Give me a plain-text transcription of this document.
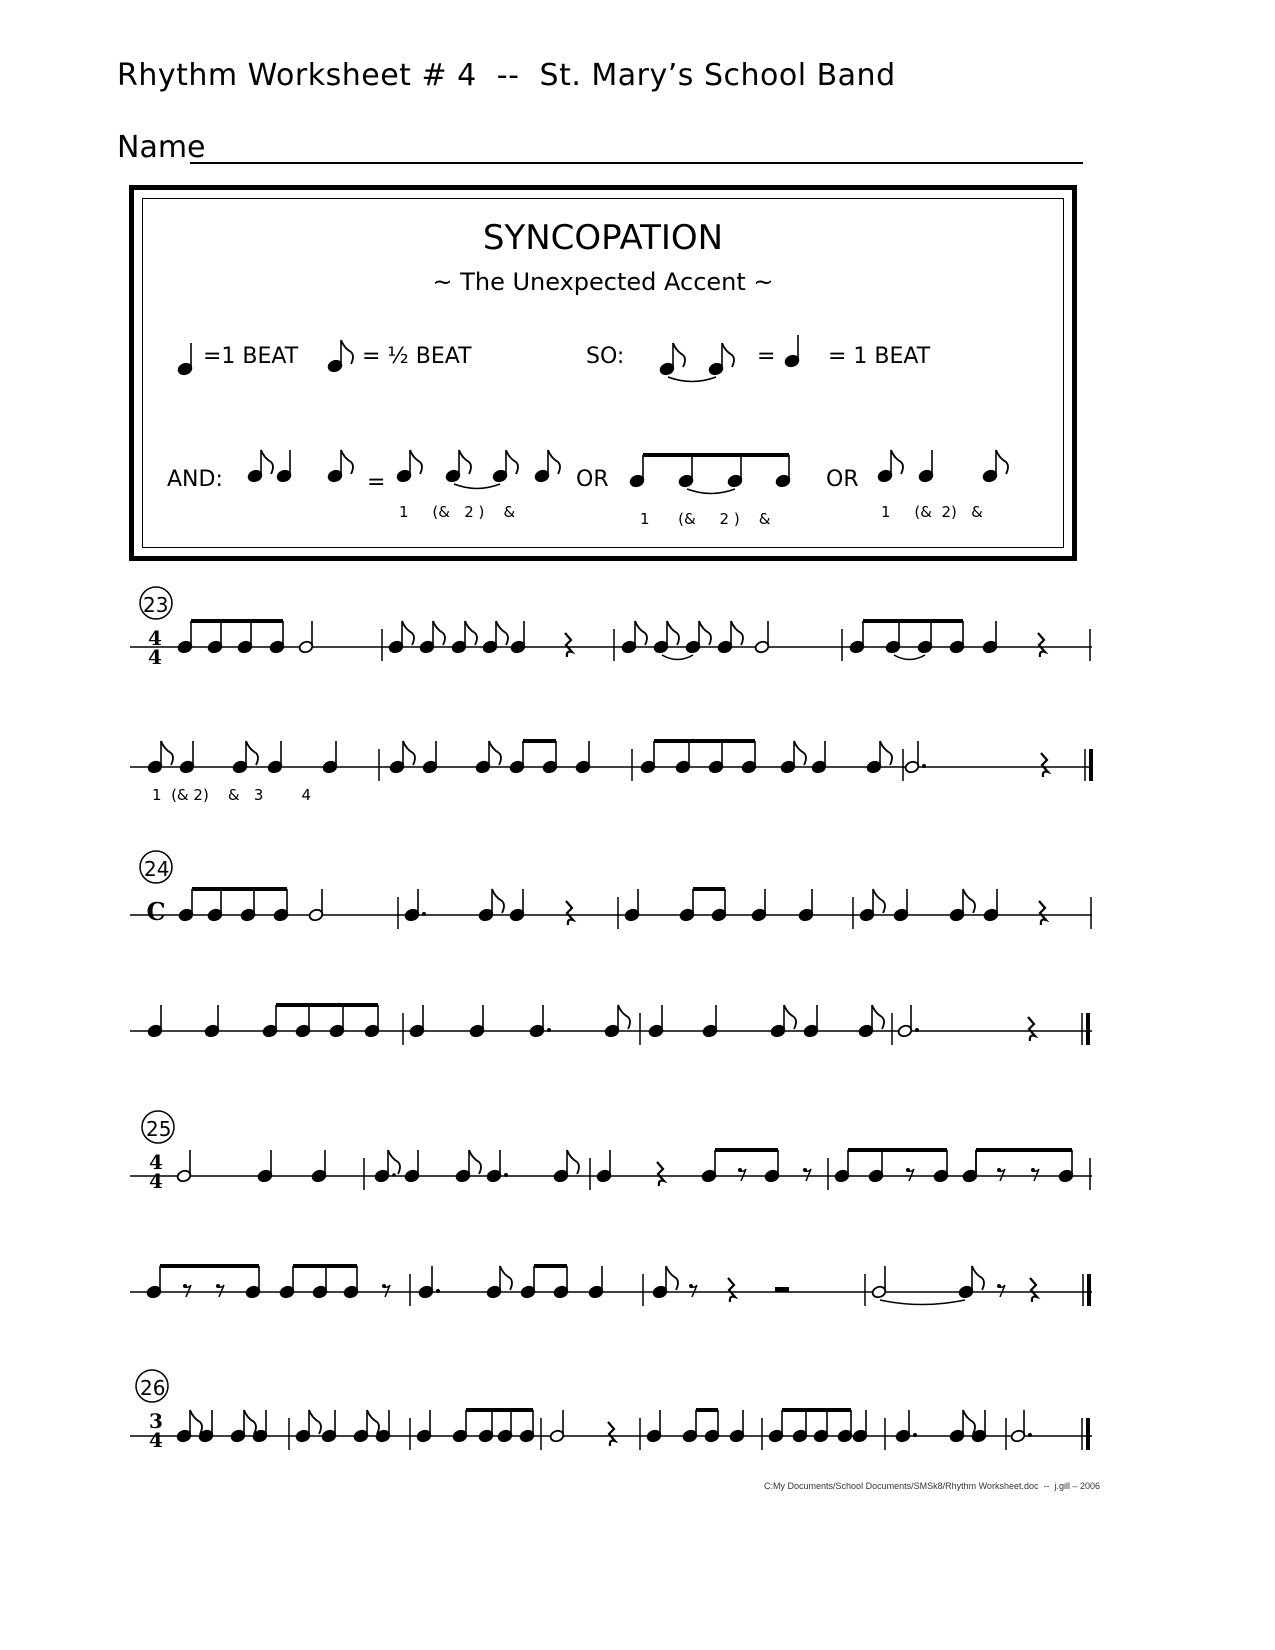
Rhythm Worksheet # 4  --  St. Mary’s School Band
Name
SYNCOPATION
~ The Unexpected Accent ~
=1 BEAT	= ½ BEAT	SO:	= = 1 BEAT
AND:	=	OR	OR
1     (&   2 )    &	1      (&     2 )    &	1     (&  2)   &
23
24
25
26
1  (& 2)    &   3        4
4
4
C
4
4
3
4
C:My Documents/School Documents/SMSk8/Rhythm Worksheet.doc  --  j.gill – 2006
